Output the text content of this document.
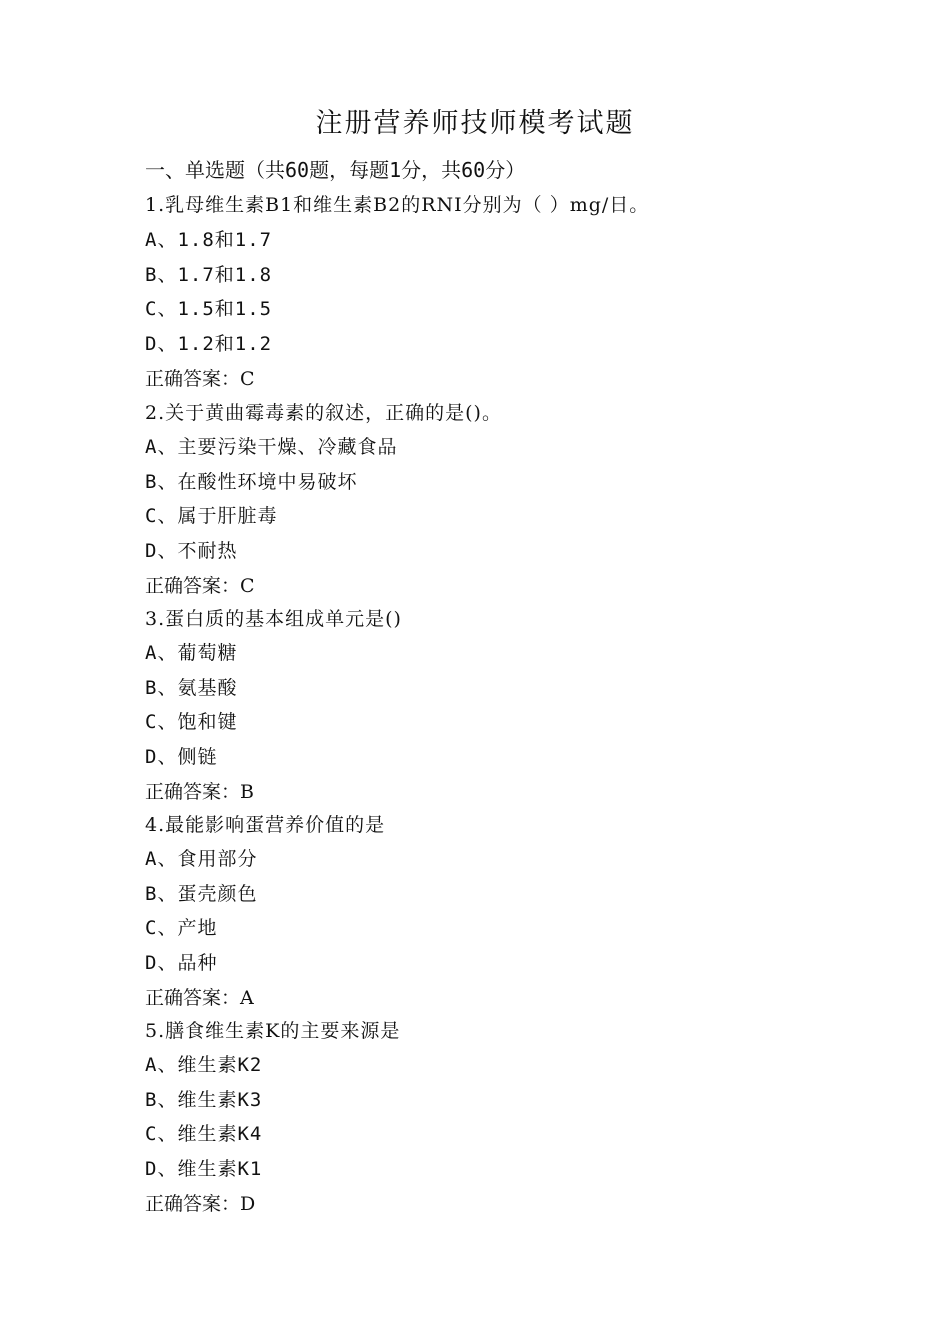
注册营养师技师模考试题
一、单选题（共60题，每题1分，共60分）
1.乳母维生素B1和维生素B2的RNI分别为（ ）mg/日。
A、1.8和1.7
B、1.7和1.8
C、1.5和1.5
D、1.2和1.2
正确答案：C
2.关于黄曲霉毒素的叙述，正确的是()。
A、主要污染干燥、冷藏食品
B、在酸性环境中易破坏
C、属于肝脏毒
D、不耐热
正确答案：C
3.蛋白质的基本组成单元是()
A、葡萄糖
B、氨基酸
C、饱和键
D、侧链
正确答案：B
4.最能影响蛋营养价值的是
A、食用部分
B、蛋壳颜色
C、产地
D、品种
正确答案：A
5.膳食维生素K的主要来源是
A、维生素K2
B、维生素K3
C、维生素K4
D、维生素K1
正确答案：D
